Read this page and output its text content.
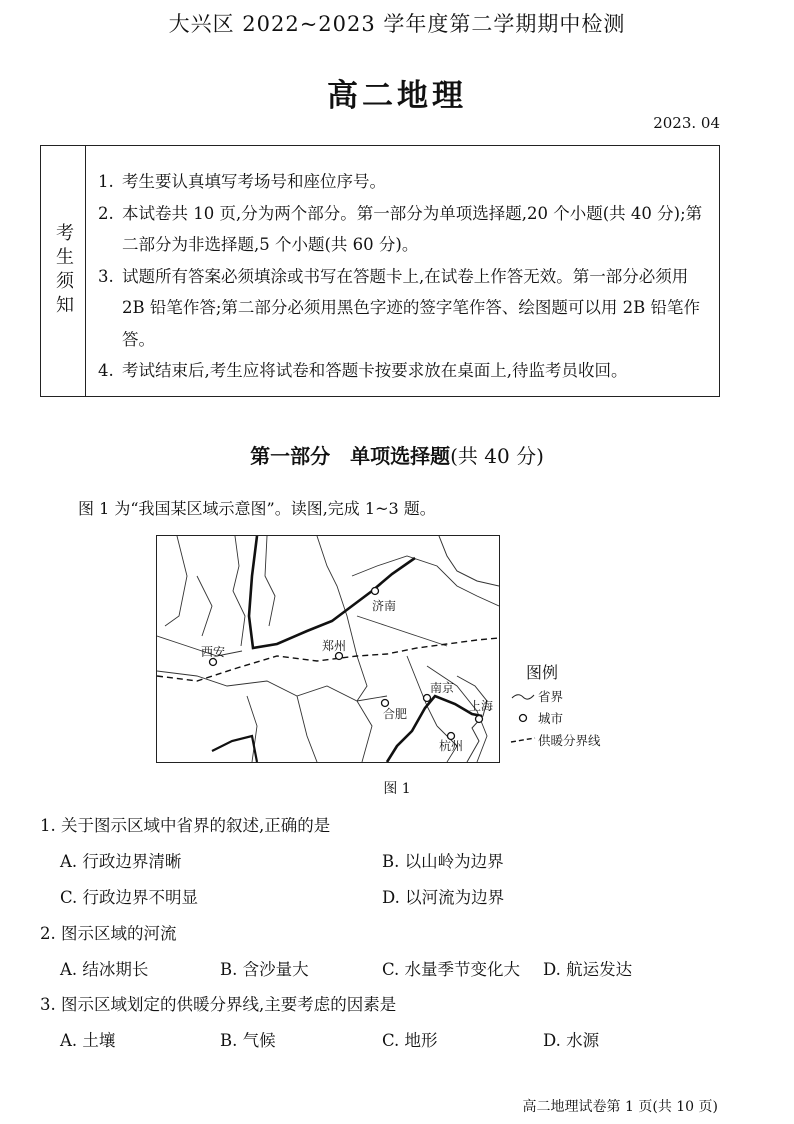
大兴区 2022~2023 学年度第二学期期中检测
高二地理
2023. 04
考生须知
1. 考生要认真填写考场号和座位序号。
2. 本试卷共 10 页,分为两个部分。第一部分为单项选择题,20 个小题(共 40 分);第二部分为非选择题,5 个小题(共 60 分)。
3. 试题所有答案必须填涂或书写在答题卡上,在试卷上作答无效。第一部分必须用 2B 铅笔作答;第二部分必须用黑色字迹的签字笔作答、绘图题可以用 2B 铅笔作答。
4. 考试结束后,考生应将试卷和答题卡按要求放在桌面上,待监考员收回。
第一部分　单项选择题(共 40 分)
图 1 为“我国某区域示意图”。读图,完成 1~3 题。
济南
西安	郑州
南京
合肥
上海
杭州
图例
省界
城市
供暖分界线
图 1
1. 关于图示区域中省界的叙述,正确的是
A. 行政边界清晰	B. 以山岭为边界
C. 行政边界不明显	D. 以河流为边界
2. 图示区域的河流
A. 结冰期长	B. 含沙量大	C. 水量季节变化大 D. 航运发达
3. 图示区域划定的供暖分界线,主要考虑的因素是
A. 土壤	B. 气候	C. 地形	D. 水源
高二地理试卷第 1 页(共 10 页)
